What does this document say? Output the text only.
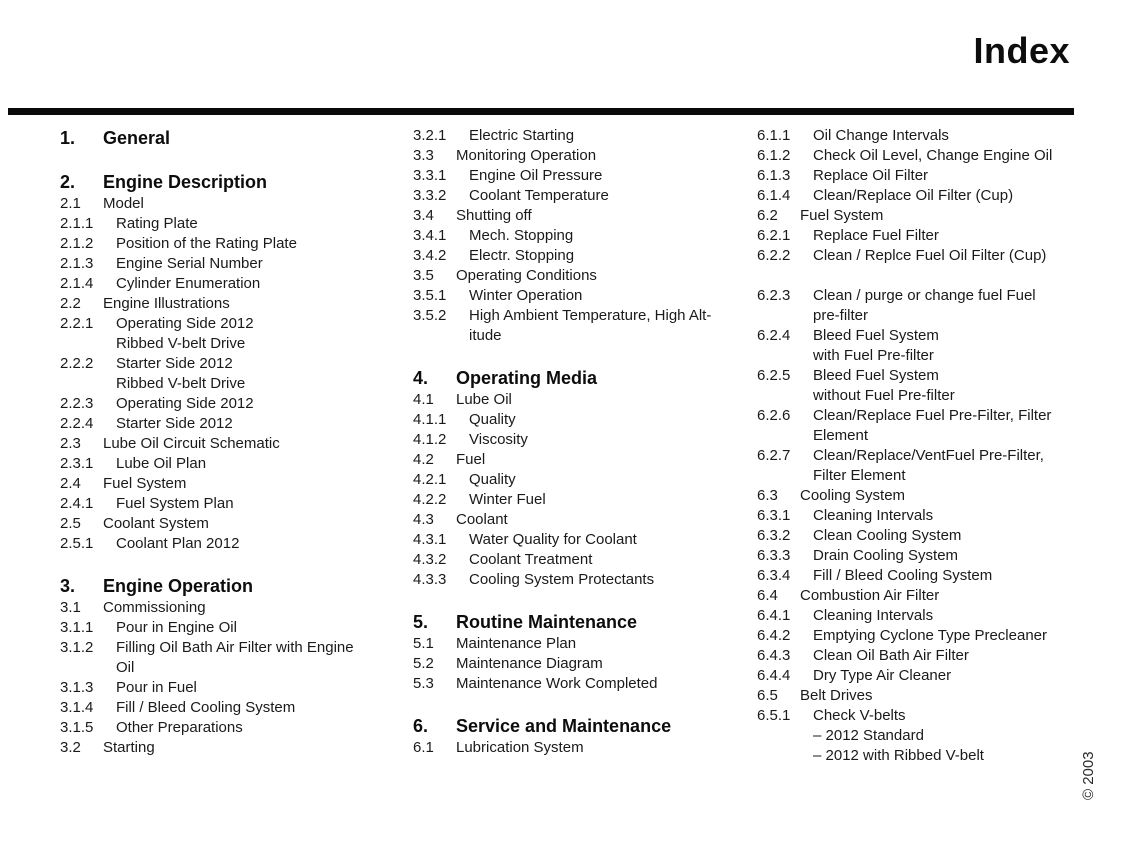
Index
1.	General
2.	Engine Description
2.1	Model
2.1.1	Rating Plate
2.1.2	Position of the Rating Plate
2.1.3	Engine Serial Number
2.1.4	Cylinder Enumeration
2.2	Engine Illustrations
2.2.1	Operating Side 2012
Ribbed V-belt Drive
2.2.2	Starter Side 2012
Ribbed V-belt Drive
2.2.3	Operating Side 2012
2.2.4	Starter Side 2012
2.3	Lube Oil Circuit Schematic
2.3.1	Lube Oil Plan
2.4	Fuel System
2.4.1	Fuel System Plan
2.5	Coolant System
2.5.1	Coolant Plan 2012
3.	Engine Operation
3.1	Commissioning
3.1.1	Pour in Engine Oil
3.1.2	Filling Oil Bath Air Filter with Engine
Oil
3.1.3	Pour in Fuel
3.1.4	Fill / Bleed Cooling System
3.1.5	Other Preparations
3.2	Starting
3.2.1	Electric Starting
3.3	Monitoring Operation
3.3.1	Engine Oil Pressure
3.3.2	Coolant Temperature
3.4	Shutting off
3.4.1	Mech. Stopping
3.4.2	Electr. Stopping
3.5	Operating Conditions
3.5.1	Winter Operation
3.5.2	High Ambient Temperature, High Alt-
itude
4.	Operating Media
4.1	Lube Oil
4.1.1	Quality
4.1.2	Viscosity
4.2	Fuel
4.2.1	Quality
4.2.2	Winter Fuel
4.3	Coolant
4.3.1	Water Quality for Coolant
4.3.2	Coolant Treatment
4.3.3	Cooling System Protectants
5.	Routine Maintenance
5.1	Maintenance Plan
5.2	Maintenance Diagram
5.3	Maintenance Work Completed
6.	Service and Maintenance
6.1	Lubrication System
6.1.1	Oil Change Intervals
6.1.2	Check Oil Level, Change Engine Oil
6.1.3	Replace Oil Filter
6.1.4	Clean/Replace Oil Filter (Cup)
6.2	Fuel System
6.2.1	Replace Fuel Filter
6.2.2	Clean / Replce Fuel Oil Filter (Cup)
6.2.3	Clean / purge or change fuel Fuel
pre-filter
6.2.4	Bleed Fuel System
with Fuel Pre-filter
6.2.5	Bleed Fuel System
without Fuel Pre-filter
6.2.6	Clean/Replace Fuel Pre-Filter, Filter
Element
6.2.7	Clean/Replace/VentFuel Pre-Filter,
Filter Element
6.3	Cooling System
6.3.1	Cleaning Intervals
6.3.2	Clean Cooling System
6.3.3	Drain Cooling System
6.3.4	Fill / Bleed Cooling System
6.4	Combustion Air Filter
6.4.1	Cleaning Intervals
6.4.2	Emptying Cyclone Type Precleaner
6.4.3	Clean Oil Bath Air Filter
6.4.4	Dry Type Air Cleaner
6.5	Belt Drives
6.5.1	Check V-belts
– 2012 Standard
– 2012 with Ribbed V-belt	© 2003
